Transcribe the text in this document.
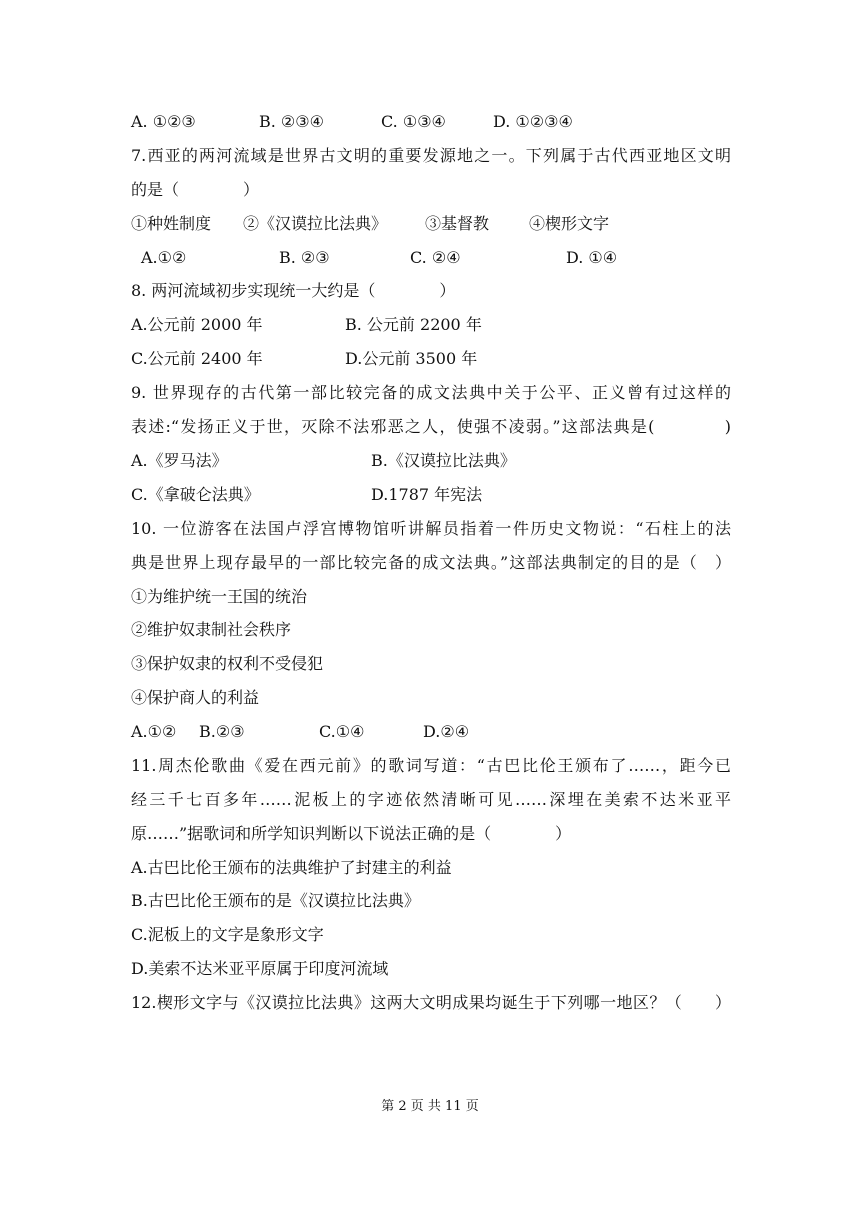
A. ①②③	B. ②③④	C. ①③④	D. ①②③④
7.西亚的两河流域是世界古文明的重要发源地之一。下列属于古代西亚地区文明
的是（　　　　）
①种姓制度 ②《汉谟拉比法典》 ③基督教 ④楔形文字
A.①②	B. ②③	C. ②④	D. ①④
8. 两河流域初步实现统一大约是（　　　　）
A.公元前 2000 年	B. 公元前 2200 年
C.公元前 2400 年	D.公元前 3500 年
9. 世界现存的古代第一部比较完备的成文法典中关于公平、正义曾有过这样的
表述:“发扬正义于世，灭除不法邪恶之人，使强不凌弱。”这部法典是(　　　　)
A.《罗马法》	B.《汉谟拉比法典》
C.《拿破仑法典》	D.1787 年宪法
10. 一位游客在法国卢浮宫博物馆听讲解员指着一件历史文物说：“石柱上的法
典是世界上现存最早的一部比较完备的成文法典。”这部法典制定的目的是（　）
①为维护统一王国的统治
②维护奴隶制社会秩序
③保护奴隶的权利不受侵犯
④保护商人的利益
A.①② B.②③	C.①④	D.②④
11.周杰伦歌曲《爱在西元前》的歌词写道：“古巴比伦王颁布了……，距今已
经三千七百多年……泥板上的字迹依然清晰可见……深埋在美索不达米亚平
原……”据歌词和所学知识判断以下说法正确的是（　　　　）
A.古巴比伦王颁布的法典维护了封建主的利益
B.古巴比伦王颁布的是《汉谟拉比法典》
C.泥板上的文字是象形文字
D.美索不达米亚平原属于印度河流域
12.楔形文字与《汉谟拉比法典》这两大文明成果均诞生于下列哪一地区？（　　）
第 2 页 共 11 页
